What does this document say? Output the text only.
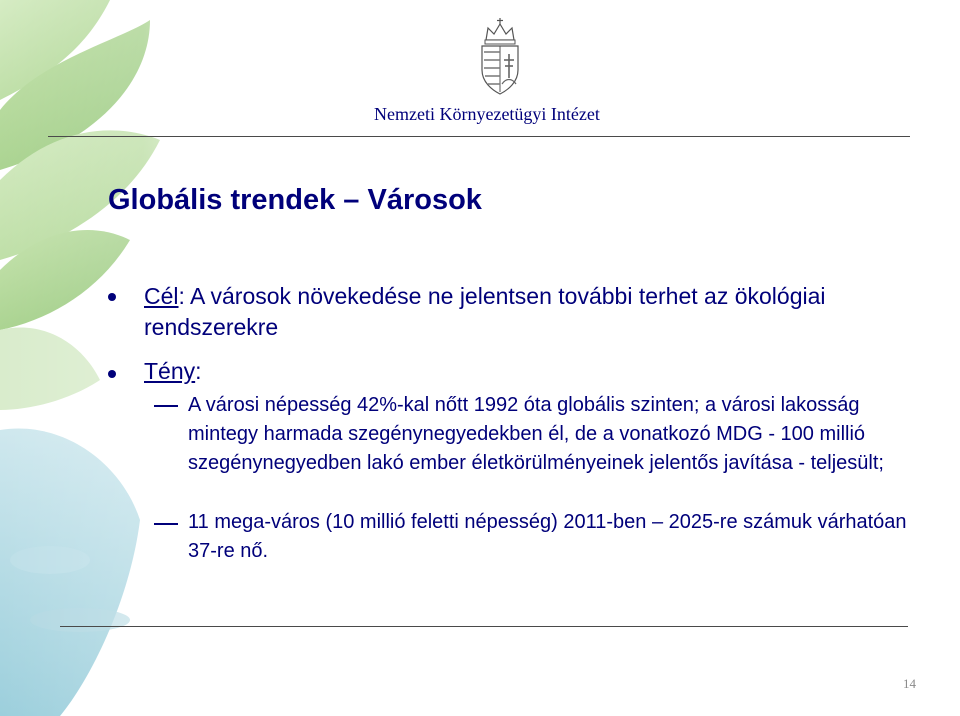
Nemzeti Környezetügyi Intézet
Globális trendek – Városok
Cél: A városok növekedése ne jelentsen további terhet az ökológiai rendszerekre
Tény:
A városi népesség 42%-kal nőtt 1992 óta globális szinten; a városi lakosság mintegy harmada szegénynegyedekben él, de a vonatkozó MDG - 100 millió szegénynegyedben lakó ember életkörülményeinek jelentős javítása - teljesült;
11 mega-város (10 millió feletti népesség) 2011-ben – 2025-re számuk várhatóan 37-re nő.
14
